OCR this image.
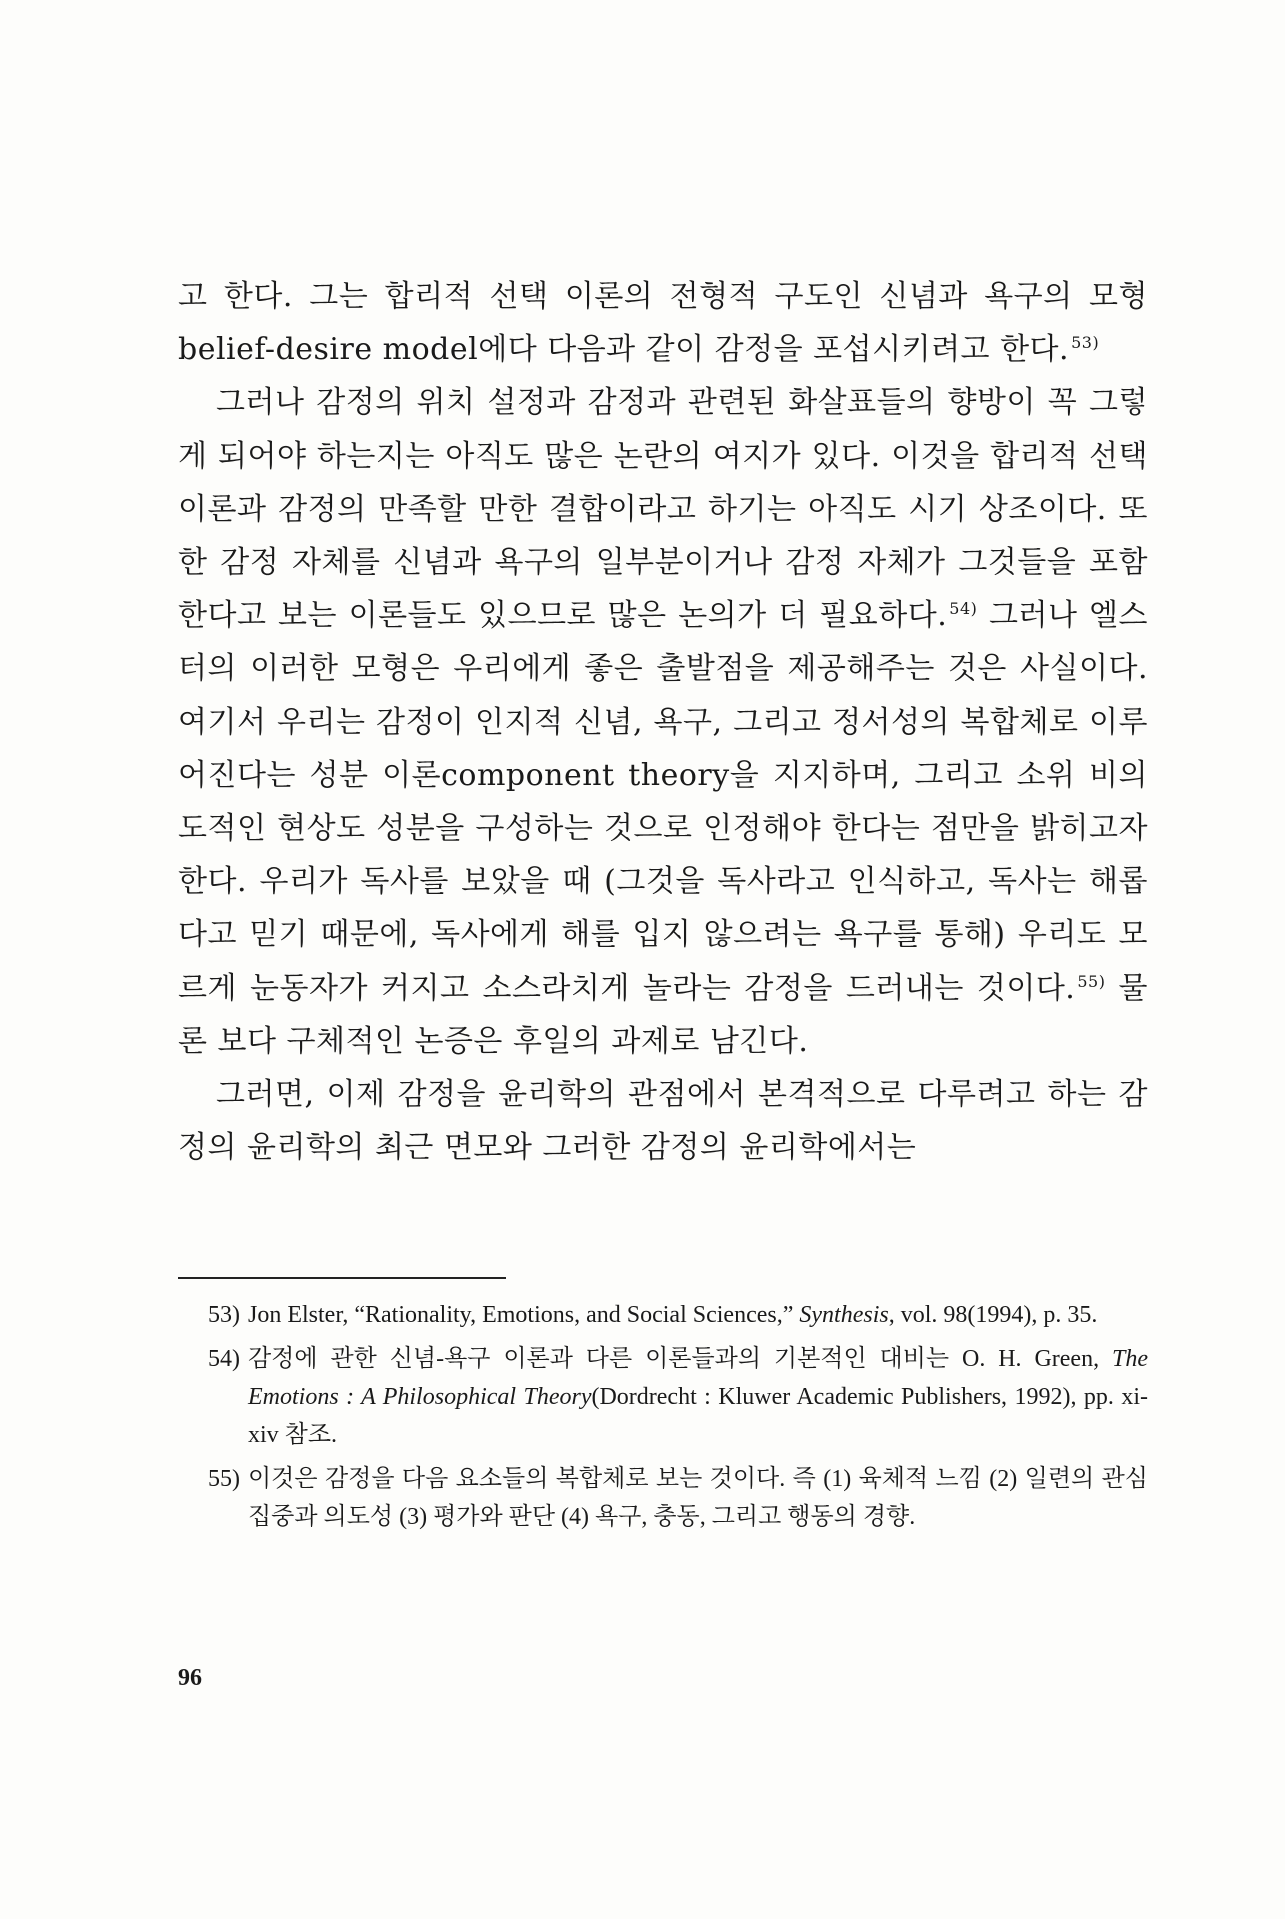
고 한다. 그는 합리적 선택 이론의 전형적 구도인 신념과 욕구의 모형 belief-desire model에다 다음과 같이 감정을 포섭시키려고 한다. $^{53)}$

그러나 감정의 위치 설정과 감정과 관련된 화살표들의 향방이 꼭 그렇게 되어야 하는지는 아직도 많은 논란의 여지가 있다. 이것을 합리적 선택 이론과 감정의 만족할 만한 결합이라고 하기는 아직도 시기 상조이다. 또한 감정 자체를 신념과 욕구의 일부분이거나 감정 자체가 그것들을 포함한다고 보는 이론들도 있으므로 많은 논의가 더 필요하다. $^{54)}$ 그러나 엘스터의 이러한 모형은 우리에게 좋은 출발점을 제공해주는 것은 사실이다. 여기서 우리는 감정이 인지적 신념, 욕구, 그리고 정서성의 복합체로 이루어진다는 성분 이론component theory을 지지하며, 그리고 소위 비의도적인 현상도 성분을 구성하는 것으로 인정해야 한다는 점만을 밝히고자 한다. 우리가 독사를 보았을 때 (그것을 독사라고 인식하고, 독사는 해롭다고 믿기 때문에, 독사에게 해를 입지 않으려는 욕구를 통해) 우리도 모르게 눈동자가 커지고 소스라치게 놀라는 감정을 드러내는 것이다. $^{55)}$ 물론 보다 구체적인 논증은 후일의 과제로 남긴다.

그러면, 이제 감정을 윤리학의 관점에서 본격적으로 다루려고 하는 감정의 윤리학의 최근 면모와 그러한 감정의 윤리학에서는

53) Jon Elster, “Rationality, Emotions, and Social Sciences,” Synthesis, vol. 98(1994), p. 35.
54) 감정에 관한 신념-욕구 이론과 다른 이론들과의 기본적인 대비는 O. H. Green, The Emotions : A Philosophical Theory(Dordrecht : Kluwer Academic Publishers, 1992), pp. xi-xiv 참조.
55) 이것은 감정을 다음 요소들의 복합체로 보는 것이다. 즉 (1) 육체적 느낌 (2) 일련의 관심 집중과 의도성 (3) 평가와 판단 (4) 욕구, 충동, 그리고 행동의 경향.
96
